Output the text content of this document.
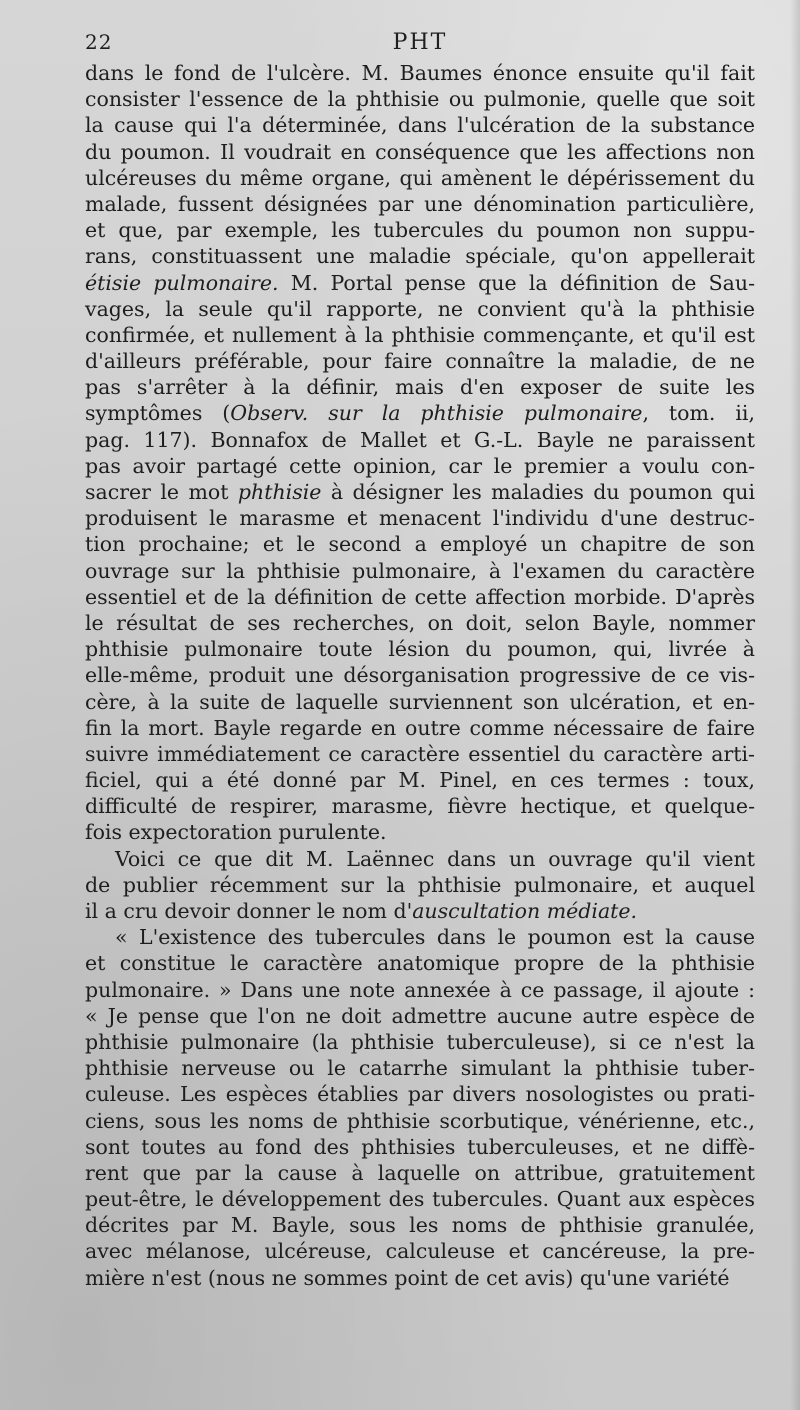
22	PHT
dans le fond de l'ulcère. M. Baumes énonce ensuite qu'il fait
consister l'essence de la phthisie ou pulmonie, quelle que soit
la cause qui l'a déterminée, dans l'ulcération de la substance
du poumon. Il voudrait en conséquence que les affections non
ulcéreuses du même organe, qui amènent le dépérissement du
malade, fussent désignées par une dénomination particulière,
et que, par exemple, les tubercules du poumon non suppu-
rans, constituassent une maladie spéciale, qu'on appellerait
étisie pulmonaire. M. Portal pense que la définition de Sau-
vages, la seule qu'il rapporte, ne convient qu'à la phthisie
confirmée, et nullement à la phthisie commençante, et qu'il est
d'ailleurs préférable, pour faire connaître la maladie, de ne
pas s'arrêter à la définir, mais d'en exposer de suite les
symptômes (Observ. sur la phthisie pulmonaire, tom. ii,
pag. 117). Bonnafox de Mallet et G.-L. Bayle ne paraissent
pas avoir partagé cette opinion, car le premier a voulu con-
sacrer le mot phthisie à désigner les maladies du poumon qui
produisent le marasme et menacent l'individu d'une destruc-
tion prochaine; et le second a employé un chapitre de son
ouvrage sur la phthisie pulmonaire, à l'examen du caractère
essentiel et de la définition de cette affection morbide. D'après
le résultat de ses recherches, on doit, selon Bayle, nommer
phthisie pulmonaire toute lésion du poumon, qui, livrée à
elle-même, produit une désorganisation progressive de ce vis-
cère, à la suite de laquelle surviennent son ulcération, et en-
fin la mort. Bayle regarde en outre comme nécessaire de faire
suivre immédiatement ce caractère essentiel du caractère arti-
ficiel, qui a été donné par M. Pinel, en ces termes : toux,
difficulté de respirer, marasme, fièvre hectique, et quelque-
fois expectoration purulente.
Voici ce que dit M. Laënnec dans un ouvrage qu'il vient
de publier récemment sur la phthisie pulmonaire, et auquel
il a cru devoir donner le nom d'auscultation médiate.
« L'existence des tubercules dans le poumon est la cause
et constitue le caractère anatomique propre de la phthisie
pulmonaire. » Dans une note annexée à ce passage, il ajoute :
« Je pense que l'on ne doit admettre aucune autre espèce de
phthisie pulmonaire (la phthisie tuberculeuse), si ce n'est la
phthisie nerveuse ou le catarrhe simulant la phthisie tuber-
culeuse. Les espèces établies par divers nosologistes ou prati-
ciens, sous les noms de phthisie scorbutique, vénérienne, etc.,
sont toutes au fond des phthisies tuberculeuses, et ne diffè-
rent que par la cause à laquelle on attribue, gratuitement
peut-être, le développement des tubercules. Quant aux espèces
décrites par M. Bayle, sous les noms de phthisie granulée,
avec mélanose, ulcéreuse, calculeuse et cancéreuse, la pre-
mière n'est (nous ne sommes point de cet avis) qu'une variété
